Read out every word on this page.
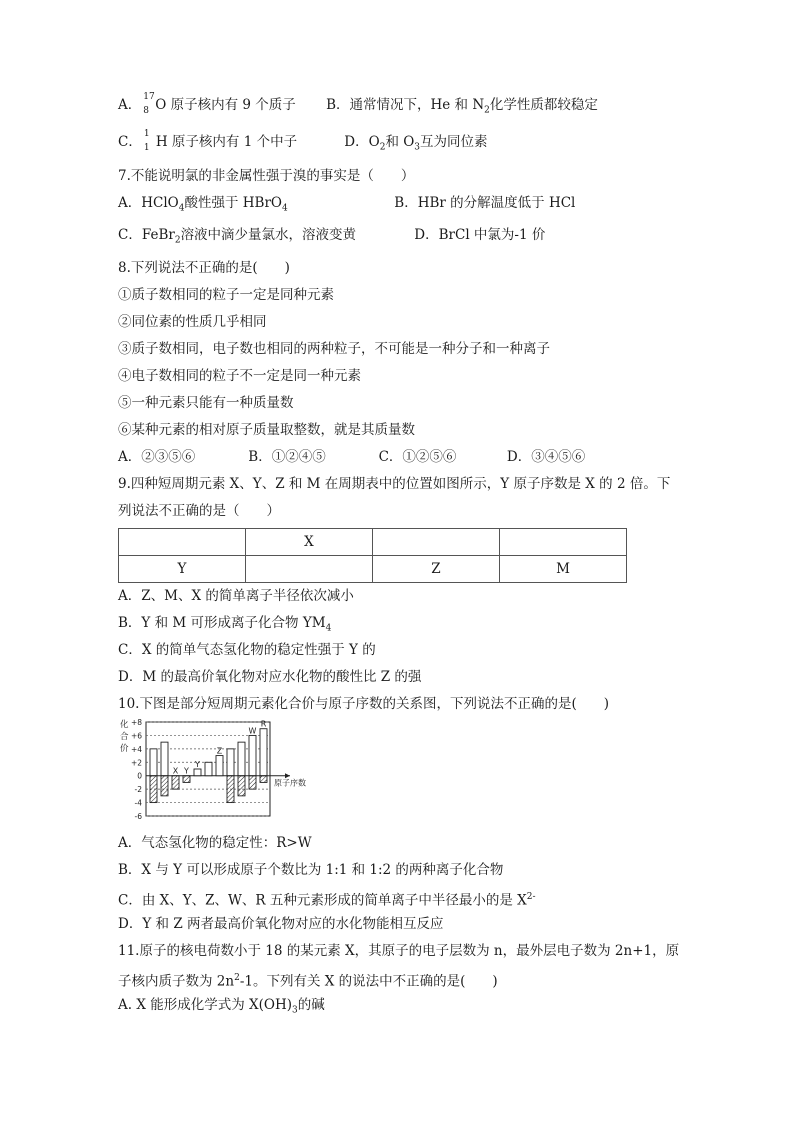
A． 17
8 O 原子核内有 9 个质子 B．通常情况下，He 和 $N_2$化学性质都较稳定
C． 1
1 H 原子核内有 1 个中子	D．$O_2$和 $O_3$互为同位素
7.不能说明氯的非金属性强于溴的事实是（　　）
A．HClO$_4$酸性强于 HBrO$_4$	B．HBr 的分解温度低于 HCl
C．FeBr$_2$溶液中滴少量氯水，溶液变黄	D．BrCl 中氯为-1 价
8.下列说法不正确的是(　　)
①质子数相同的粒子一定是同种元素
②同位素的性质几乎相同
③质子数相同，电子数也相同的两种粒子，不可能是一种分子和一种离子
④电子数相同的粒子不一定是同一种元素
⑤一种元素只能有一种质量数
⑥某种元素的相对原子质量取整数，就是其质量数
A．②③⑤⑥	B．①②④⑤	C．①②⑤⑥	D．③④⑤⑥
9.四种短周期元素 X、Y、Z 和 M 在周期表中的位置如图所示，Y 原子序数是 X 的 2 倍。下
列说法不正确的是（　　）
	X		
Y		Z	M
A．Z、M、X 的简单离子半径依次减小
B．Y 和 M 可形成离子化合物 $YM_4$
C．X 的简单气态氢化物的稳定性强于 Y 的
D．M 的最高价氧化物对应水化物的酸性比 Z 的强
10.下图是部分短周期元素化合价与原子序数的关系图，下列说法不正确的是(　　)
化
合
价
+8
+6
+4
+2
0
-2
-4
-6
原子序数
X Y
Y
Z
W
R
A．气态氢化物的稳定性：R>W
B．X 与 Y 可以形成原子个数比为 1:1 和 1:2 的两种离子化合物
C．由 X、Y、Z、W、R 五种元素形成的简单离子中半径最小的是 $X^{2-}$
D．Y 和 Z 两者最高价氧化物对应的水化物能相互反应
11.原子的核电荷数小于 18 的某元素 X，其原子的电子层数为 n，最外层电子数为 2n+1，原
子核内质子数为 $2n^2-1$。下列有关 X 的说法中不正确的是(　　)
A. X 能形成化学式为 $X(OH)_3$的碱
